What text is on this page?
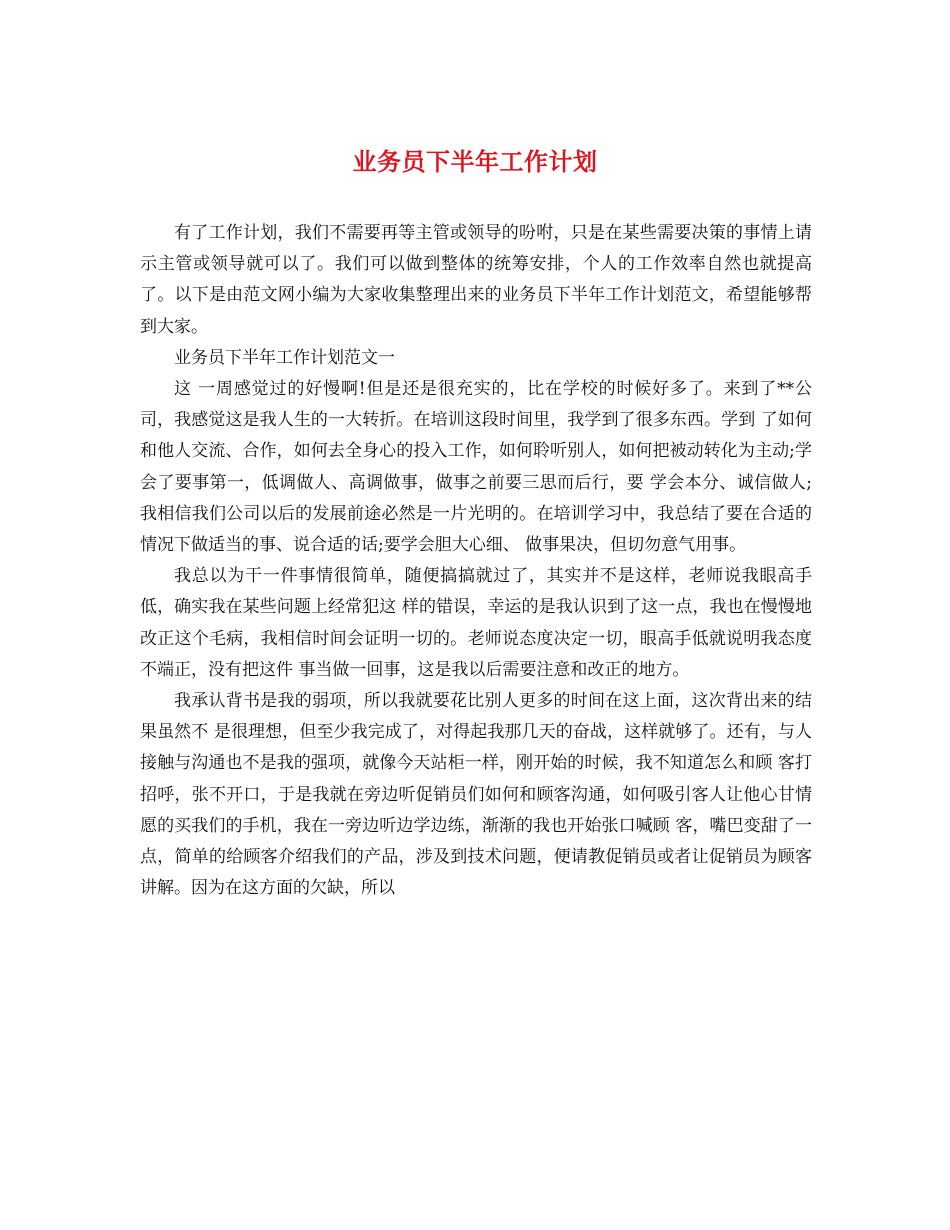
业务员下半年工作计划

有了工作计划，我们不需要再等主管或领导的吩咐，只是在某些需要决策的事情上请示主管或领导就可以了。我们可以做到整体的统筹安排，个人的工作效率自然也就提高了。以下是由范文网小编为大家收集整理出来的业务员下半年工作计划范文，希望能够帮到大家。

业务员下半年工作计划范文一

这 一周感觉过的好慢啊!但是还是很充实的，比在学校的时候好多了。来到了**公司，我感觉这是我人生的一大转折。在培训这段时间里，我学到了很多东西。学到 了如何和他人交流、合作，如何去全身心的投入工作，如何聆听别人，如何把被动转化为主动;学会了要事第一，低调做人、高调做事，做事之前要三思而后行，要 学会本分、诚信做人;我相信我们公司以后的发展前途必然是一片光明的。在培训学习中，我总结了要在合适的情况下做适当的事、说合适的话;要学会胆大心细、 做事果决，但切勿意气用事。

我总以为干一件事情很简单，随便搞搞就过了，其实并不是这样，老师说我眼高手低，确实我在某些问题上经常犯这 样的错误，幸运的是我认识到了这一点，我也在慢慢地改正这个毛病，我相信时间会证明一切的。老师说态度决定一切，眼高手低就说明我态度不端正，没有把这件 事当做一回事，这是我以后需要注意和改正的地方。

我承认背书是我的弱项，所以我就要花比别人更多的时间在这上面，这次背出来的结果虽然不 是很理想，但至少我完成了，对得起我那几天的奋战，这样就够了。还有，与人接触与沟通也不是我的强项，就像今天站柜一样，刚开始的时候，我不知道怎么和顾 客打招呼，张不开口，于是我就在旁边听促销员们如何和顾客沟通，如何吸引客人让他心甘情愿的买我们的手机，我在一旁边听边学边练，渐渐的我也开始张口喊顾 客，嘴巴变甜了一点，简单的给顾客介绍我们的产品，涉及到技术问题，便请教促销员或者让促销员为顾客讲解。因为在这方面的欠缺，所以
